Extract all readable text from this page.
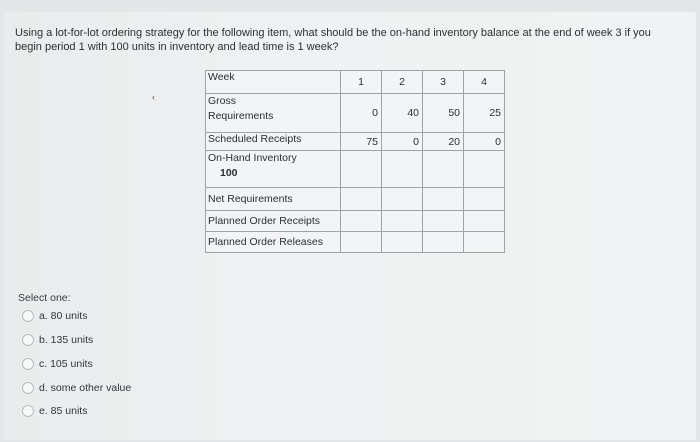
Using a lot-for-lot ordering strategy for the following item, what should be the on-hand inventory balance at the end of week 3 if you begin period 1 with 100 units in inventory and lead time is 1 week?
‹
Week	1	2	3	4

Gross
Requirements	0	40	50	25
Scheduled Receipts	75	0	20	0

On-Hand Inventory
100				

Net Requirements				
Planned Order Receipts				
Planned Order Releases				
Select one:
a. 80 units
b. 135 units
c. 105 units
d. some other value
e. 85 units
